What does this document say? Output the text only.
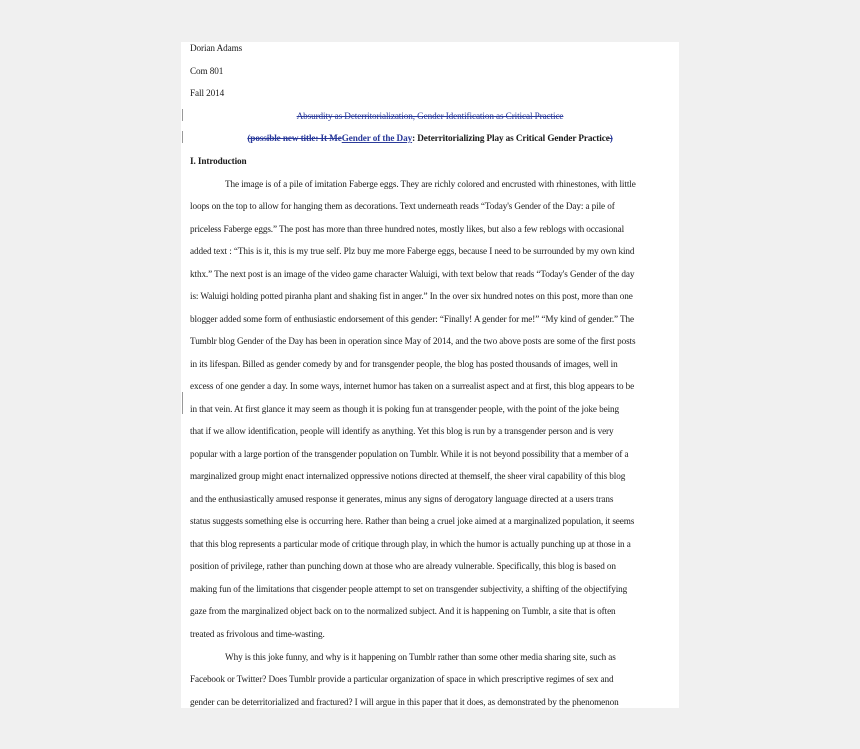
Dorian Adams
Com 801
Fall 2014
Absurdity as Deterritorialization, Gender Identification as Critical Practice
(possible new title: It MeGender of the Day: Deterritorializing Play as Critical Gender Practice)
I. Introduction
The image is of a pile of imitation Faberge eggs. They are richly colored and encrusted with rhinestones, with little
loops on the top to allow for hanging them as decorations. Text underneath reads “Today's Gender of the Day: a pile of
priceless Faberge eggs.” The post has more than three hundred notes, mostly likes, but also a few reblogs with occasional
added text : “This is it, this is my true self. Plz buy me more Faberge eggs, because I need to be surrounded by my own kind
kthx.” The next post is an image of the video game character Waluigi, with text below that reads “Today's Gender of the day
is: Waluigi holding potted piranha plant and shaking fist in anger.” In the over six hundred notes on this post, more than one
blogger added some form of enthusiastic endorsement of this gender: “Finally! A gender for me!” “My kind of gender.” The
Tumblr blog Gender of the Day has been in operation since May of 2014, and the two above posts are some of the first posts
in its lifespan. Billed as gender comedy by and for transgender people, the blog has posted thousands of images, well in
excess of one gender a day. In some ways, internet humor has taken on a surrealist aspect and at first, this blog appears to be
in that vein. At first glance it may seem as though it is poking fun at transgender people, with the point of the joke being
that if we allow identification, people will identify as anything. Yet this blog is run by a transgender person and is very
popular with a large portion of the transgender population on Tumblr. While it is not beyond possibility that a member of a
marginalized group might enact internalized oppressive notions directed at themself, the sheer viral capability of this blog
and the enthusiastically amused response it generates, minus any signs of derogatory language directed at a users trans
status suggests something else is occurring here. Rather than being a cruel joke aimed at a marginalized population, it seems
that this blog represents a particular mode of critique through play, in which the humor is actually punching up at those in a
position of privilege, rather than punching down at those who are already vulnerable. Specifically, this blog is based on
making fun of the limitations that cisgender people attempt to set on transgender subjectivity, a shifting of the objectifying
gaze from the marginalized object back on to the normalized subject. And it is happening on Tumblr, a site that is often
treated as frivolous and time-wasting.
Why is this joke funny, and why is it happening on Tumblr rather than some other media sharing site, such as
Facebook or Twitter? Does Tumblr provide a particular organization of space in which prescriptive regimes of sex and
gender can be deterritorialized and fractured? I will argue in this paper that it does, as demonstrated by the phenomenon
